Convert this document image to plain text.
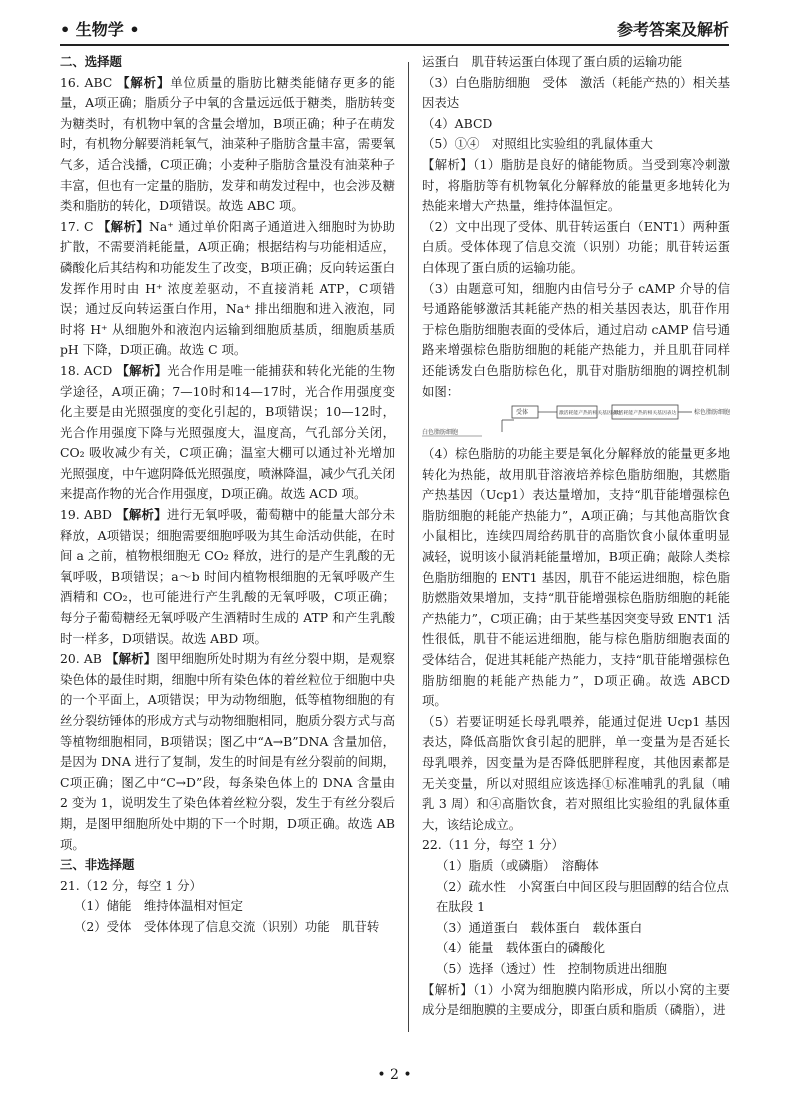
• 生物学 •	参考答案及解析

二、选择题

16. ABC 【解析】单位质量的脂肪比糖类能储存更多的能量，A项正确；脂质分子中氧的含量远远低于糖类，脂肪转变为糖类时，有机物中氧的含量会增加，B项正确；种子在萌发时，有机物分解要消耗氧气，油菜种子脂肪含量丰富，需要氧气多，适合浅播，C项正确；小麦种子脂肪含量没有油菜种子丰富，但也有一定量的脂肪，发芽和萌发过程中，也会涉及糖类和脂肪的转化，D项错误。故选 ABC 项。

17. C 【解析】Na⁺ 通过单价阳离子通道进入细胞时为协助扩散，不需要消耗能量，A项正确；根据结构与功能相适应，磷酸化后其结构和功能发生了改变，B项正确；反向转运蛋白发挥作用时由 H⁺ 浓度差驱动，不直接消耗 ATP，C项错误；通过反向转运蛋白作用，Na⁺ 排出细胞和进入液泡，同时将 H⁺ 从细胞外和液泡内运输到细胞质基质，细胞质基质 pH 下降，D项正确。故选 C 项。

18. ACD 【解析】光合作用是唯一能捕获和转化光能的生物学途径，A项正确；7—10时和14—17时，光合作用强度变化主要是由光照强度的变化引起的，B项错误；10—12时，光合作用强度下降与光照强度大，温度高，气孔部分关闭，CO₂ 吸收减少有关，C项正确；温室大棚可以通过补光增加光照强度，中午遮阴降低光照强度，喷淋降温，减少气孔关闭来提高作物的光合作用强度，D项正确。故选 ACD 项。

19. ABD 【解析】进行无氧呼吸，葡萄糖中的能量大部分未释放，A项错误；细胞需要细胞呼吸为其生命活动供能，在时间 a 之前，植物根细胞无 CO₂ 释放，进行的是产生乳酸的无氧呼吸，B项错误；a～b 时间内植物根细胞的无氧呼吸产生酒精和 CO₂，也可能进行产生乳酸的无氧呼吸，C项正确；每分子葡萄糖经无氧呼吸产生酒精时生成的 ATP 和产生乳酸时一样多，D项错误。故选 ABD 项。

20. AB 【解析】图甲细胞所处时期为有丝分裂中期，是观察染色体的最佳时期，细胞中所有染色体的着丝粒位于细胞中央的一个平面上，A项错误；甲为动物细胞，低等植物细胞的有丝分裂纺锤体的形成方式与动物细胞相同，胞质分裂方式与高等植物细胞相同，B项错误；图乙中“A→B”DNA 含量加倍，是因为 DNA 进行了复制，发生的时间是有丝分裂前的间期，C项正确；图乙中“C→D”段，每条染色体上的 DNA 含量由 2 变为 1，说明发生了染色体着丝粒分裂，发生于有丝分裂后期，是图甲细胞所处中期的下一个时期，D项正确。故选 AB 项。

三、非选择题

21.（12 分，每空 1 分）

（1）储能　维持体温相对恒定

（2）受体　受体体现了信息交流（识别）功能　肌苷转

运蛋白　肌苷转运蛋白体现了蛋白质的运输功能

（3）白色脂肪细胞　受体　激活（耗能产热的）相关基因表达

（4）ABCD

（5）①④　对照组比实验组的乳鼠体重大

【解析】（1）脂肪是良好的储能物质。当受到寒冷刺激时，将脂肪等有机物氧化分解释放的能量更多地转化为热能来增大产热量，维持体温恒定。

（2）文中出现了受体、肌苷转运蛋白（ENT1）两种蛋白质。受体体现了信息交流（识别）功能；肌苷转运蛋白体现了蛋白质的运输功能。

（3）由题意可知，细胞内由信号分子 cAMP 介导的信号通路能够激活其耗能产热的相关基因表达，肌苷作用于棕色脂肪细胞表面的受体后，通过启动 cAMP 信号通路来增强棕色脂肪细胞的耗能产热能力，并且肌苷同样还能诱发白色脂肪棕色化，肌苷对脂肪细胞的调控机制如图：

受体	激活耗能产热的相关基因表达
激活耗能产热的相关基因表达	棕色脂肪细胞
白色脂肪细胞

（4）棕色脂肪的功能主要是氧化分解释放的能量更多地转化为热能，故用肌苷溶液培养棕色脂肪细胞，其燃脂产热基因（Ucp1）表达量增加，支持“肌苷能增强棕色脂肪细胞的耗能产热能力”，A项正确；与其他高脂饮食小鼠相比，连续四周给药肌苷的高脂饮食小鼠体重明显减轻，说明该小鼠消耗能量增加，B项正确；敲除人类棕色脂肪细胞的 ENT1 基因，肌苷不能运进细胞，棕色脂肪燃脂效果增加，支持“肌苷能增强棕色脂肪细胞的耗能产热能力”，C项正确；由于某些基因突变导致 ENT1 活性很低，肌苷不能运进细胞，能与棕色脂肪细胞表面的受体结合，促进其耗能产热能力，支持“肌苷能增强棕色脂肪细胞的耗能产热能力”，D项正确。故选 ABCD 项。

（5）若要证明延长母乳喂养，能通过促进 Ucp1 基因表达，降低高脂饮食引起的肥胖，单一变量为是否延长母乳喂养，因变量为是否降低肥胖程度，其他因素都是无关变量，所以对照组应该选择①标准哺乳的乳鼠（哺乳 3 周）和④高脂饮食，若对照组比实验组的乳鼠体重大，该结论成立。

22.（11 分，每空 1 分）

（1）脂质（或磷脂）　溶酶体

（2）疏水性　小窝蛋白中间区段与胆固醇的结合位点在肽段 1

（3）通道蛋白　载体蛋白　载体蛋白

（4）能量　载体蛋白的磷酸化

（5）选择（透过）性　控制物质进出细胞

【解析】（1）小窝为细胞膜内陷形成，所以小窝的主要成分是细胞膜的主要成分，即蛋白质和脂质（磷脂），进

• 2 •
